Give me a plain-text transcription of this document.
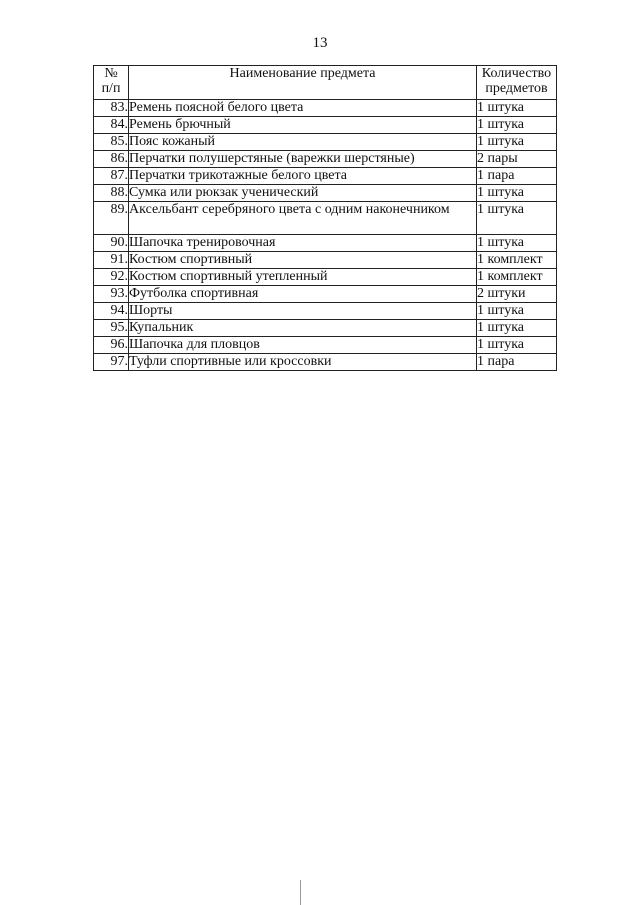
13
№
п/п	Наименование предмета	Количество
предметов
83.	Ремень поясной белого цвета	1 штука
84.	Ремень брючный	1 штука
85.	Пояс кожаный	1 штука
86.	Перчатки полушерстяные (варежки шерстяные)	2 пары
87.	Перчатки трикотажные белого цвета	1 пара
88.	Сумка или рюкзак ученический	1 штука
89.	Аксельбант серебряного цвета с одним наконечником	1 штука
90.	Шапочка тренировочная	1 штука
91.	Костюм спортивный	1 комплект
92.	Костюм спортивный утепленный	1 комплект
93.	Футболка спортивная	2 штуки
94.	Шорты	1 штука
95.	Купальник	1 штука
96.	Шапочка для пловцов	1 штука
97.	Туфли спортивные или кроссовки	1 пара
